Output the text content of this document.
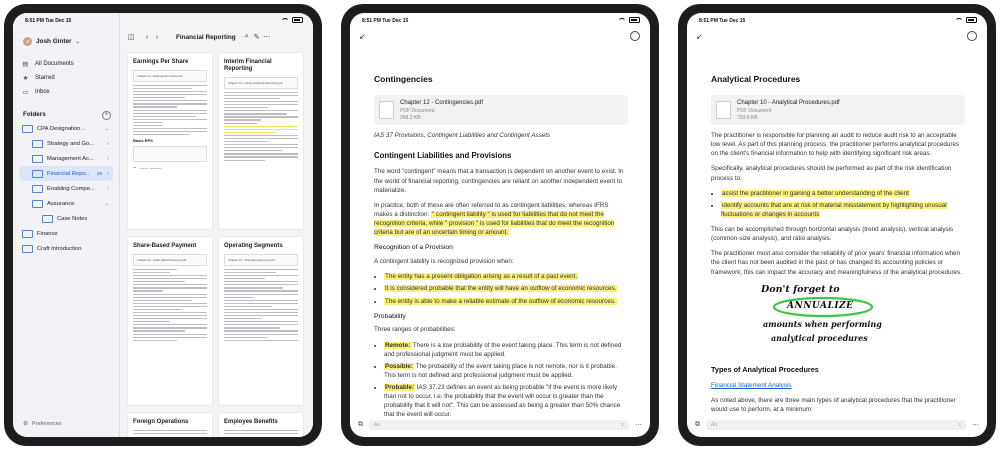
8:51 PM Tue Dec 15
J	Josh Ginter ⌄
▤ All Documents
★ Starred
▭ Inbox
Folders	+
CPA Designation...	⌄
Strategy and Go...	›
Management Ac...	›
Financial Repo... 25 ›
Enabling Compe...	›
Assurance	⌄
Case Notes
Finance
Craft Introduction
⚙ Preferences
◫	‹	›	Financial Reporting	⌕ ✎ ⋯
Earnings Per Share
Chapter 13 - Earnings Per Share.pdf
Basic EPS
~ · —— ———
Interim Financial Reporting
Chapter 14 - Interim Financial Reporting.pdf
Share-Based Payment
Chapter 16 - Share-Based Payment.pdf
Operating Segments
Chapter 15 - Operating Segments.pdf
Foreign Operations	Employee Benefits
8:51 PM Tue Dec 15
↙	⋯
Contingencies
Chapter 12 - Contingencies.pdf
PDF Document
268.2 KB

IAS 37 Provisions, Contingent Liabilities and Contingent Assets

Contingent Liabilities and Provisions

The word "contingent" means that a transaction is dependent on another event to exist. In the world of financial reporting, contingencies are reliant on another independent event to materialize.

In practice, both of these are often referred to as contingent liabilities, whereas IFRS makes a distinction: " contingent liability " is used for liabilities that do not meet the recognition criteria, while " provision " is used for liabilities that do meet the recognition criteria but are of an uncertain timing or amount.

Recognition of a Provision

A contingent liability is recognized provision when:

• The entity has a present obligation arising as a result of a past event.
• It is considered probable that the entity will have an outflow of economic resources.
• The entity is able to make a reliable estimate of the outflow of economic resources.
Probability

Three ranges of probabilities:

• Remote: There is a low probability of the event taking place. This term is not defined and professional judgment must be applied.
• Possible: The probability of the event taking place is not remote, nor is it probable. This term is not defined and professional judgment must be applied.
• Probable: IAS 37.23 defines an event as being probable "if the event is more likely than not to occur, i.e. the probability that the event will occur is greater than the probability that it will not". This can be assessed as being a greater than 50% chance that the event will occur.
⧉ Aa	≡ ⋯
8:51 PM Tue Dec 15
↙	⋯
Analytical Procedures
Chapter 10 - Analytical Procedures.pdf
PDF Document
703.0 KB

The practitioner is responsible for planning an audit to reduce audit risk to an acceptable low level. As part of this planning process, the practitioner performs analytical procedures on the client's financial information to help with identifying significant risk areas.

Specifically, analytical procedures should be performed as part of the risk identification process to:

• assist the practitioner in gaining a better understanding of the client
• identify accounts that are at risk of material misstatement by highlighting unusual fluctuations or changes in accounts

This can be accomplished through horizontal analysis (trend analysis), vertical analysis (common-size analysis), and ratio analysis.

The practitioner must also consider the reliability of prior years' financial information when the client has not been audited in the past or has changed its accounting policies or framework; this can impact the accuracy and meaningfulness of the analytical procedures.

Don't forget to
ANNUALIZE
amounts when performing
analytical procedures
Types of Analytical Procedures

Financial Statement Analysis

As noted above, there are three main types of analytical procedures that the practitioner would use to perform, at a minimum:

⧉ Aa	≡ ⋯
